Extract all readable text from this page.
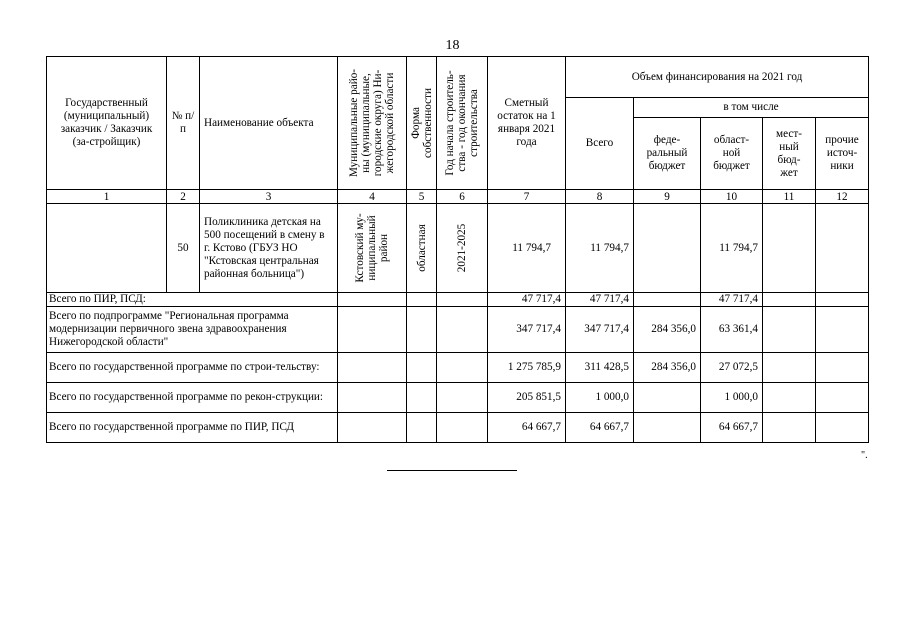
18
Государственный (муниципальный) заказчик / Заказчик (за-стройщик)	№ п/п	Наименование объекта	Муниципальные райо-
ны (муниципальные,
городские округа) Ни-
жегородской области	Форма
собственности	Год начала строитель-
ства - год окончания
строительства	Сметный остаток на 1 января 2021 года	Объем финансирования на 2021 год				
							Всего	в том числе			
								феде-ральный бюджет	област-ной бюджет	мест-ный бюд-жет	прочие источ-ники
1	2	3	4	5	6	7	8	9	10	11	12
	50	Поликлиника детская на 500 посещений в смену в г. Кстово (ГБУЗ НО "Кстовская центральная районная больница")	Кстовский му-
ниципальный
район	областная	2021-2025	11 794,7	11 794,7		11 794,7		
Всего по ПИР, ПСД:						47 717,4	47 717,4		47 717,4		
Всего по подпрограмме "Региональная программа модернизации первичного звена здравоохранения Нижегородской области"						347 717,4	347 717,4	284 356,0	63 361,4		
Всего по государственной программе по строи-тельству:						1 275 785,9	311 428,5	284 356,0	27 072,5		
Всего по государственной программе по рекон-струкции:						205 851,5	1 000,0		1 000,0		
Всего по государственной программе по ПИР, ПСД						64 667,7	64 667,7		64 667,7		
".
